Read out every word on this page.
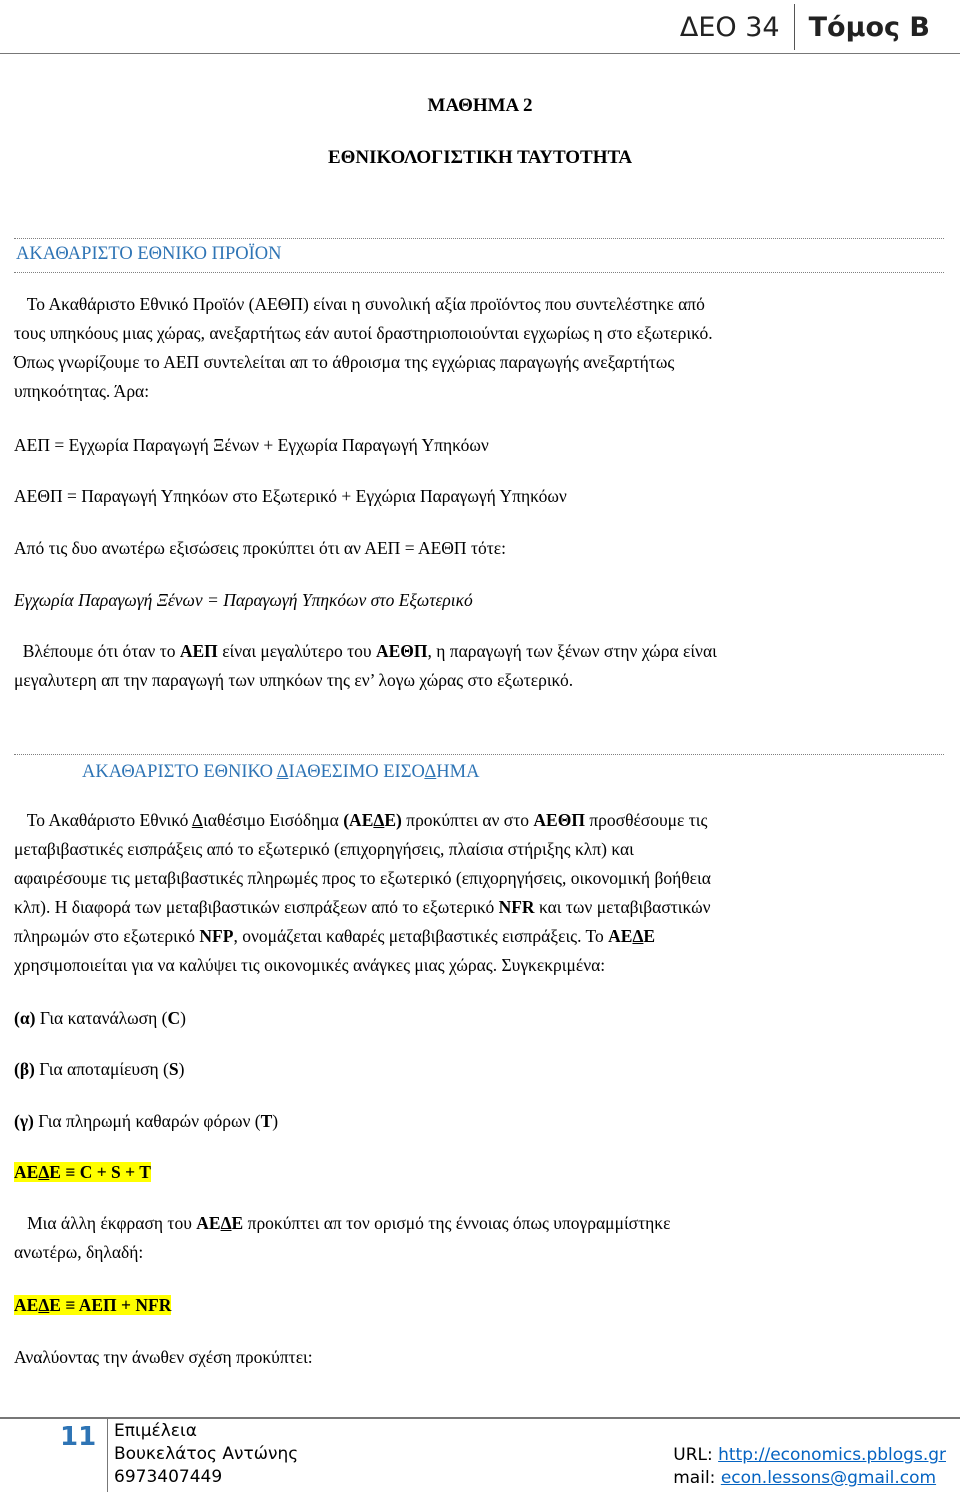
ΔΕΟ 34	Τόμος Β
ΜΑΘΗΜΑ 2
ΕΘΝΙΚΟΛΟΓΙΣΤΙΚΗ ΤΑΥΤΟΤΗΤΑ
ΑΚΑΘΑΡΙΣΤΟ ΕΘΝΙΚΟ ΠΡΟΪΟΝ
Το Ακαθάριστο Εθνικό Προϊόν (ΑΕΘΠ) είναι η συνολική αξία προϊόντος που συντελέστηκε από
τους υπηκόους μιας χώρας, ανεξαρτήτως εάν αυτοί δραστηριοποιούνται εγχωρίως η στο εξωτερικό.
Όπως γνωρίζουμε το ΑΕΠ συντελείται απ το άθροισμα της εγχώριας παραγωγής ανεξαρτήτως
υπηκοότητας. Άρα:
ΑΕΠ = Εγχωρία Παραγωγή Ξένων + Εγχωρία Παραγωγή Υπηκόων
ΑΕΘΠ = Παραγωγή Υπηκόων στο Εξωτερικό + Εγχώρια Παραγωγή Υπηκόων
Από τις δυο ανωτέρω εξισώσεις προκύπτει ότι αν ΑΕΠ = ΑΕΘΠ τότε:
Εγχωρία Παραγωγή Ξένων = Παραγωγή Υπηκόων στο Εξωτερικό
Βλέπουμε ότι όταν το ΑΕΠ είναι μεγαλύτερο του ΑΕΘΠ, η παραγωγή των ξένων στην χώρα είναι
μεγαλυτερη απ την παραγωγή των υπηκόων της εν’ λογω χώρας στο εξωτερικό.
ΑΚΑΘΑΡΙΣΤΟ ΕΘΝΙΚΟ ΔΙΑΘΕΣΙΜΟ ΕΙΣΟΔΗΜΑ
Το Ακαθάριστο Εθνικό Διαθέσιμο Εισόδημα (ΑΕΔΕ) προκύπτει αν στο ΑΕΘΠ προσθέσουμε τις
μεταβιβαστικές εισπράξεις από το εξωτερικό (επιχορηγήσεις, πλαίσια στήριξης κλπ) και
αφαιρέσουμε τις μεταβιβαστικές πληρωμές προς το εξωτερικό (επιχορηγήσεις, οικονομική βοήθεια
κλπ). Η διαφορά των μεταβιβαστικών εισπράξεων από το εξωτερικό NFR και των μεταβιβαστικών
πληρωμών στο εξωτερικό NFP, ονομάζεται καθαρές μεταβιβαστικές εισπράξεις. Το ΑΕΔΕ
χρησιμοποιείται για να καλύψει τις οικονομικές ανάγκες μιας χώρας. Συγκεκριμένα:
(α) Για κατανάλωση (C)
(β) Για αποταμίευση (S)
(γ) Για πληρωμή καθαρών φόρων (T)
ΑΕΔΕ ≡ C + S + T
Μια άλλη έκφραση του ΑΕΔΕ προκύπτει απ τον ορισμό της έννοιας όπως υπογραμμίστηκε
ανωτέρω, δηλαδή:
ΑΕΔΕ ≡ ΑΕΠ + NFR
Αναλύοντας την άνωθεν σχέση προκύπτει:
11 Επιμέλεια
Βουκελάτος Αντώνης
6973407449
URL: http://economics.pblogs.gr
mail: econ.lessons@gmail.com
